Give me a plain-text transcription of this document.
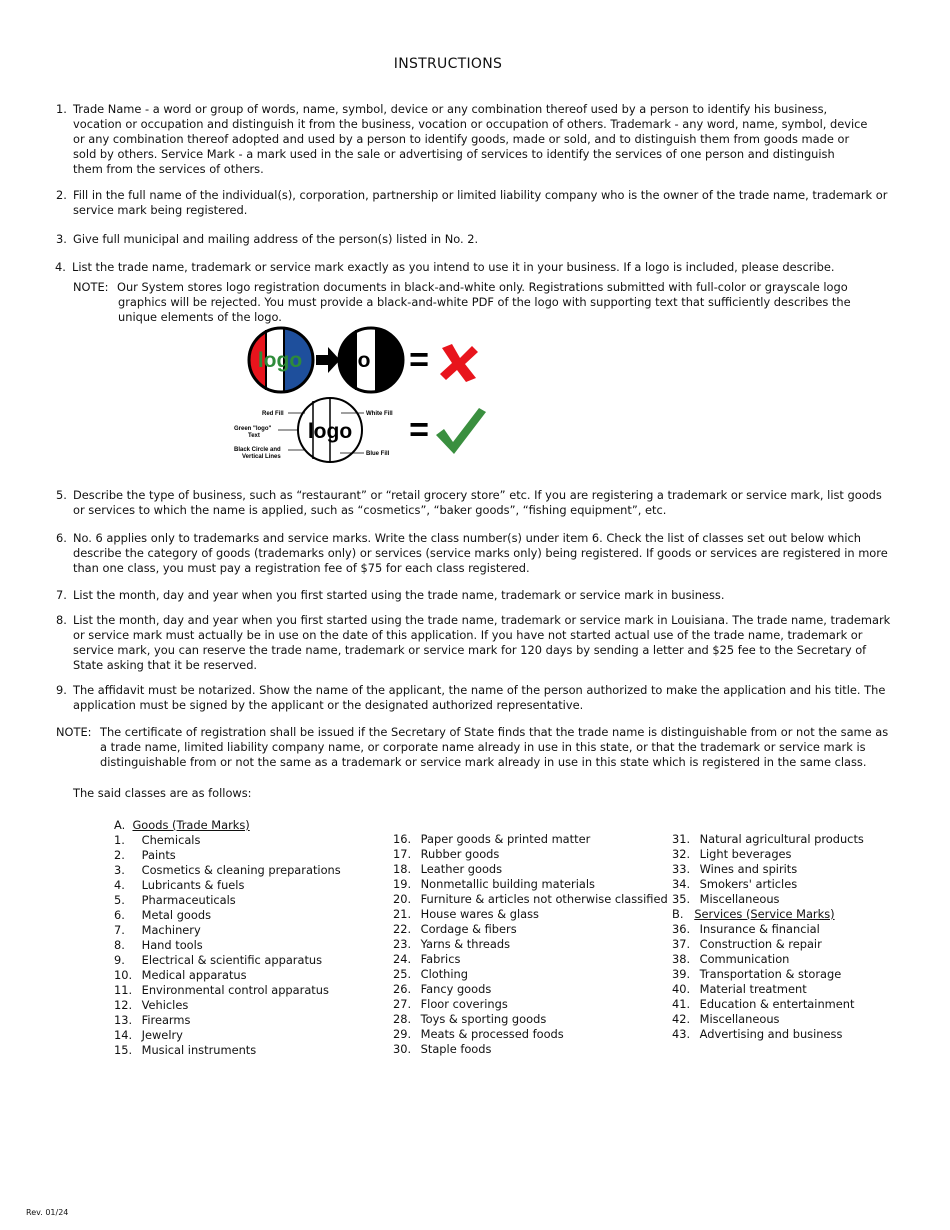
INSTRUCTIONS
1. Trade Name - a word or group of words, name, symbol, device or any combination thereof used by a person to identify his business, vocation or occupation and distinguish it from the business, vocation or occupation of others. Trademark - any word, name, symbol, device or any combination thereof adopted and used by a person to identify goods, made or sold, and to distinguish them from goods made or sold by others. Service Mark - a mark used in the sale or advertising of services to identify the services of one person and distinguish them from the services of others.
2. Fill in the full name of the individual(s), corporation, partnership or limited liability company who is the owner of the trade name, trademark or service mark being registered.
3. Give full municipal and mailing address of the person(s) listed in No. 2.
4. List the trade name, trademark or service mark exactly as you intend to use it in your business. If a logo is included, please describe.
NOTE: Our System stores logo registration documents in black-and-white only. Registrations submitted with full-color or grayscale logo graphics will be rejected. You must provide a black-and-white PDF of the logo with supporting text that sufficiently describes the unique elements of the logo.
logo	o =
logo
Red Fill	White Fill
Green "logo"
Text
Black Circle and
Vertical Lines	Blue Fill
=
5. Describe the type of business, such as “restaurant” or “retail grocery store” etc. If you are registering a trademark or service mark, list goods or services to which the name is applied, such as “cosmetics”, “baker goods”, “fishing equipment”, etc.
6. No. 6 applies only to trademarks and service marks. Write the class number(s) under item 6. Check the list of classes set out below which describe the category of goods (trademarks only) or services (service marks only) being registered. If goods or services are registered in more than one class, you must pay a registration fee of $75 for each class registered.
7. List the month, day and year when you first started using the trade name, trademark or service mark in business.
8. List the month, day and year when you first started using the trade name, trademark or service mark in Louisiana. The trade name, trademark or service mark must actually be in use on the date of this application. If you have not started actual use of the trade name, trademark or service mark, you can reserve the trade name, trademark or service mark for 120 days by sending a letter and $25 fee to the Secretary of State asking that it be reserved.
9. The affidavit must be notarized. Show the name of the applicant, the name of the person authorized to make the application and his title. The application must be signed by the applicant or the designated authorized representative.
NOTE: The certificate of registration shall be issued if the Secretary of State finds that the trade name is distinguishable from or not the same as a trade name, limited liability company name, or corporate name already in use in this state, or that the trademark or service mark is distinguishable from or not the same as a trademark or service mark already in use in this state which is registered in the same class.
The said classes are as follows:
A. Goods (Trade Marks)
1. Chemicals
2. Paints
3. Cosmetics & cleaning preparations
4. Lubricants & fuels
5. Pharmaceuticals
6. Metal goods
7. Machinery
8. Hand tools
9. Electrical & scientific apparatus
10. Medical apparatus
11. Environmental control apparatus
12. Vehicles
13. Firearms
14. Jewelry
15. Musical instruments
16. Paper goods & printed matter
17. Rubber goods
18. Leather goods
19. Nonmetallic building materials
20. Furniture & articles not otherwise classified
21. House wares & glass
22. Cordage & fibers
23. Yarns & threads
24. Fabrics
25. Clothing
26. Fancy goods
27. Floor coverings
28. Toys & sporting goods
29. Meats & processed foods
30. Staple foods
31. Natural agricultural products
32. Light beverages
33. Wines and spirits
34. Smokers' articles
35. Miscellaneous
B. Services (Service Marks)
36. Insurance & financial
37. Construction & repair
38. Communication
39. Transportation & storage
40. Material treatment
41. Education & entertainment
42. Miscellaneous
43. Advertising and business
Rev. 01/24
